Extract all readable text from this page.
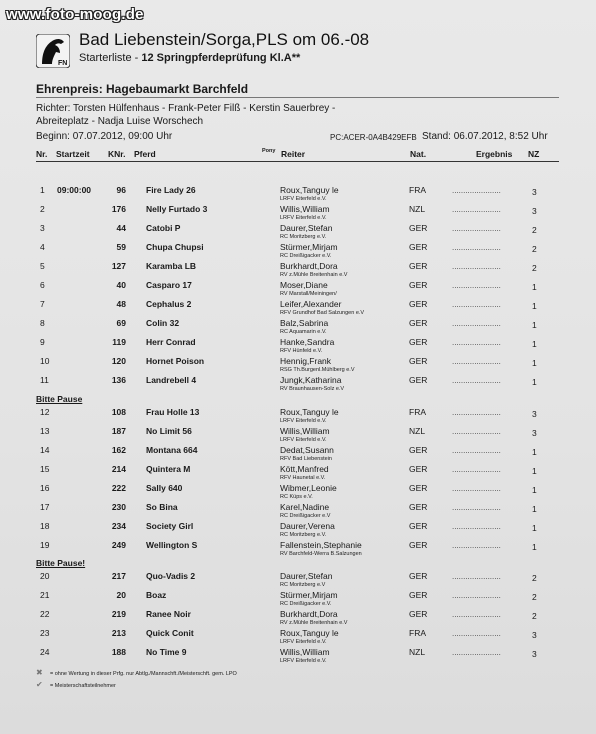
www.foto-moog.de
FN
Bad Liebenstein/Sorga,PLS om 06.-08
Starterliste - 12 Springpferdeprüfung Kl.A**
Ehrenpreis: Hagebaumarkt Barchfeld
Richter: Torsten Hülfenhaus - Frank-Peter Filß - Kerstin Sauerbrey -
Abreiteplatz - Nadja Luise Worschech
Beginn: 07.07.2012, 09:00 Uhr	PC:ACER-0A4B429EFB Stand: 06.07.2012, 8:52 Uhr
Nr. Startzeit KNr. Pferd	Pony Reiter	Nat.	Ergebnis NZ
1 09:00:00	96 Fire Lady 26	Roux,Tanguy le	FRA	3
LRFV Eiterfeld e.V.
......................
2	176 Nelly Furtado 3	Willis,William	NZL	3
LRFV Eiterfeld e.V.
......................
3	44 Catobi P	Daurer,Stefan	GER	2
RC Moritzberg e.V.
......................
4	59 Chupa Chupsi	Stürmer,Mirjam	GER	2
RC Dreißigacker e.V.
......................
5	127 Karamba LB	Burkhardt,Dora	GER	2
RV z.Mühle Breitenhain e.V
......................
6	40 Casparo 17	Moser,Diane	GER	1
RV Marstall/Meiningen/
......................
7	48 Cephalus 2	Leifer,Alexander	GER	1
RFV Grundhof Bad Salzungen e.V
......................
8	69 Colin 32	Balz,Sabrina	GER	1
RC Aquamarin e.V.
......................
9	119 Herr Conrad	Hanke,Sandra	GER	1
RFV Hünfeld e.V.
......................
10	120 Hornet Poison	Hennig,Frank	GER	1
RSG Th.Burgenl.Mühlberg e.V
......................
11	136 Landrebell 4	Jungk,Katharina	GER	1
RV Braunhausen-Solz e.V
......................
12	108 Frau Holle 13	Roux,Tanguy le	FRA	3
LRFV Eiterfeld e.V.
......................
13	187 No Limit 56	Willis,William	NZL	3
LRFV Eiterfeld e.V.
......................
14	162 Montana 664	Dedat,Susann	GER	1
RFV Bad Liebenstein
......................
15	214 Quintera M	Kött,Manfred	GER	1
RFV Haunetal e.V.
......................
16	222 Sally 640	Wibmer,Leonie	GER	1
RC Küps e.V.
......................
17	230 So Bina	Karel,Nadine	GER	1
RC Dreißigacker e.V
......................
18	234 Society Girl	Daurer,Verena	GER	1
RC Moritzberg e.V.
......................
19	249 Wellington S	Fallenstein,Stephanie	GER	1
RV Barchfeld-Werra B.Salzungen
......................
20	217 Quo-Vadis 2	Daurer,Stefan	GER	2
RC Moritzberg e.V
......................
21	20 Boaz	Stürmer,Mirjam	GER	2
RC Dreißigacker e.V.
......................
22	219 Ranee Noir	Burkhardt,Dora	GER	2
RV z.Mühle Breitenhain e.V
......................
23	213 Quick Conit	Roux,Tanguy le	FRA	3
LRFV Eiterfeld e.V.
......................
24	188 No Time 9	Willis,William	NZL	3
LRFV Eiterfeld e.V.
......................
Bitte Pause
Bitte Pause!
✖ = ohne Wertung in dieser Prfg. nur Abtlg./Mannschft./Meisterschft. gem. LPO
✔ = Meisterschaftsteilnehmer
